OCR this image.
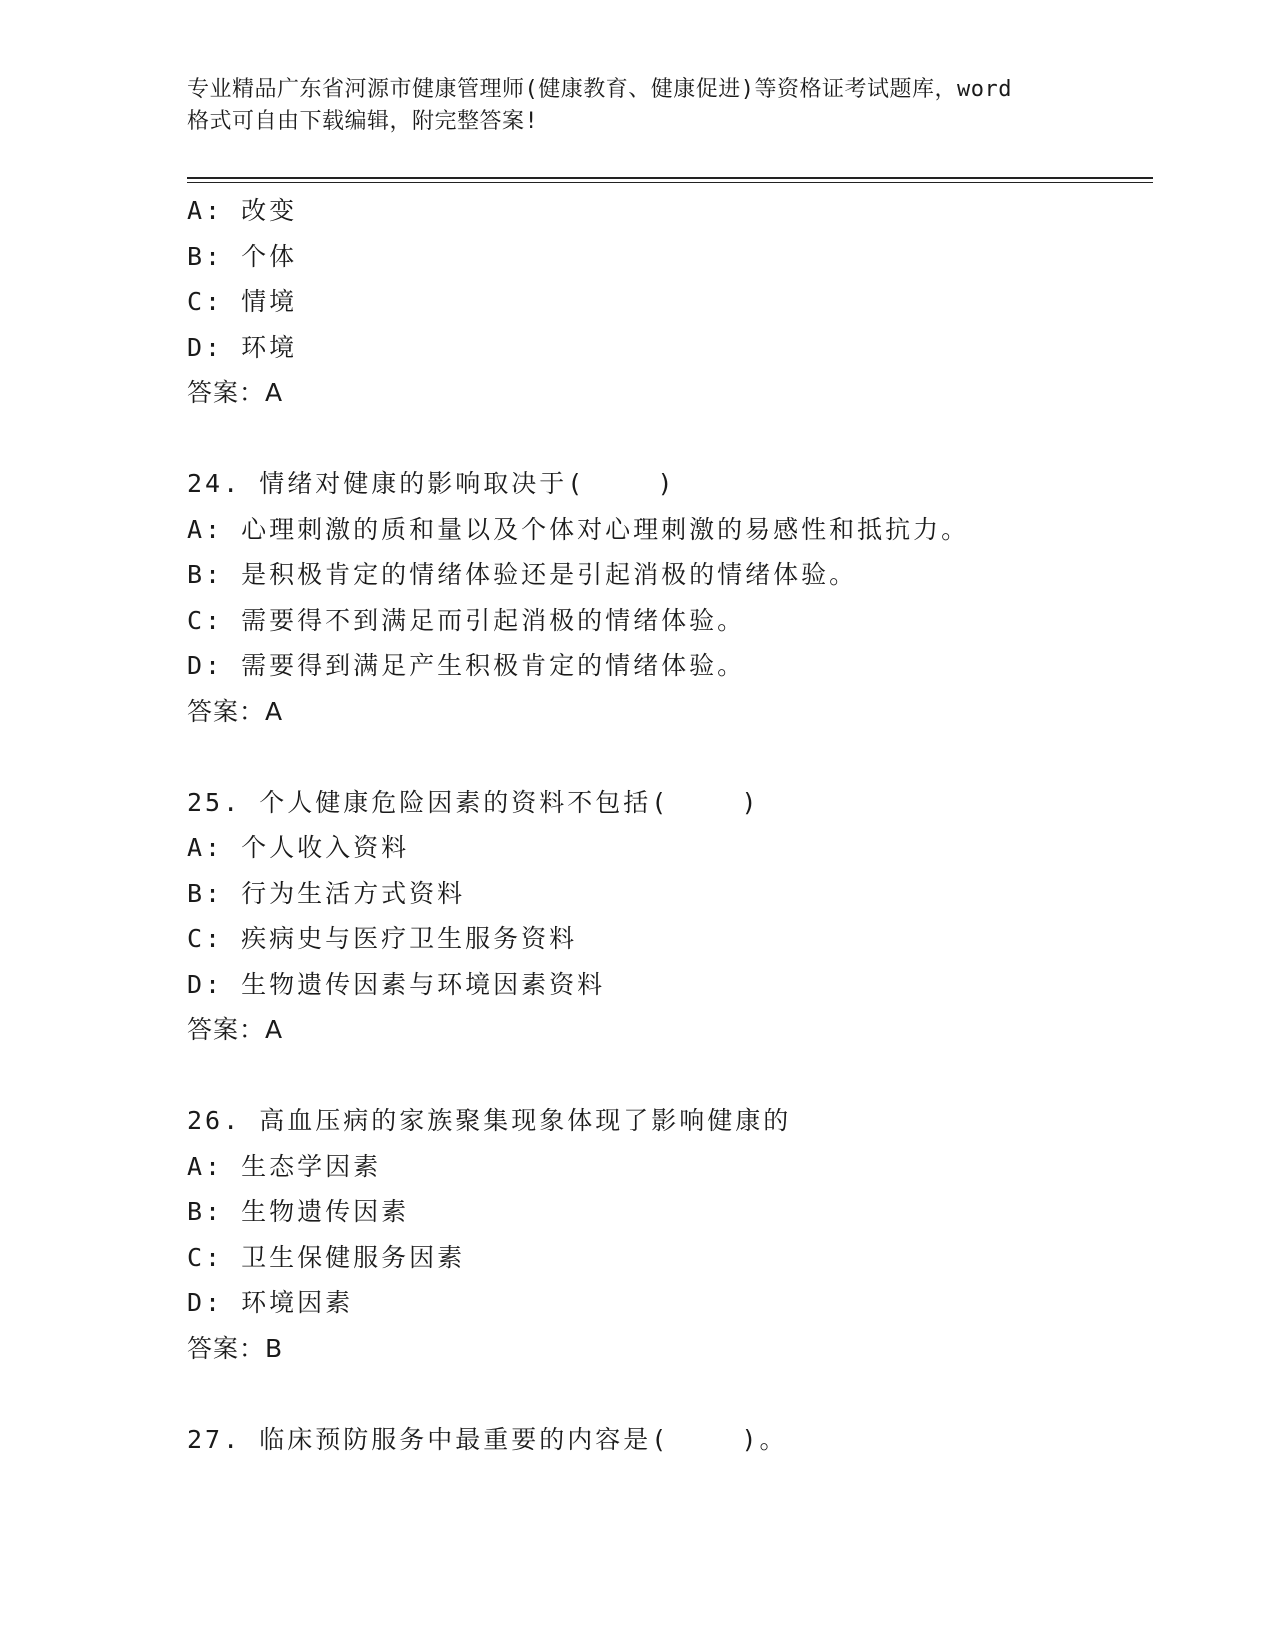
专业精品广东省河源市健康管理师(健康教育、健康促进)等资格证考试题库，word
格式可自由下载编辑，附完整答案!
A: 改变
B: 个体
C: 情境
D: 环境
答案：A
24. 情绪对健康的影响取决于(    )
A: 心理刺激的质和量以及个体对心理刺激的易感性和抵抗力。
B: 是积极肯定的情绪体验还是引起消极的情绪体验。
C: 需要得不到满足而引起消极的情绪体验。
D: 需要得到满足产生积极肯定的情绪体验。
答案：A
25. 个人健康危险因素的资料不包括(    )
A: 个人收入资料
B: 行为生活方式资料
C: 疾病史与医疗卫生服务资料
D: 生物遗传因素与环境因素资料
答案：A
26. 高血压病的家族聚集现象体现了影响健康的
A: 生态学因素
B: 生物遗传因素
C: 卫生保健服务因素
D: 环境因素
答案：B
27. 临床预防服务中最重要的内容是(    )。
